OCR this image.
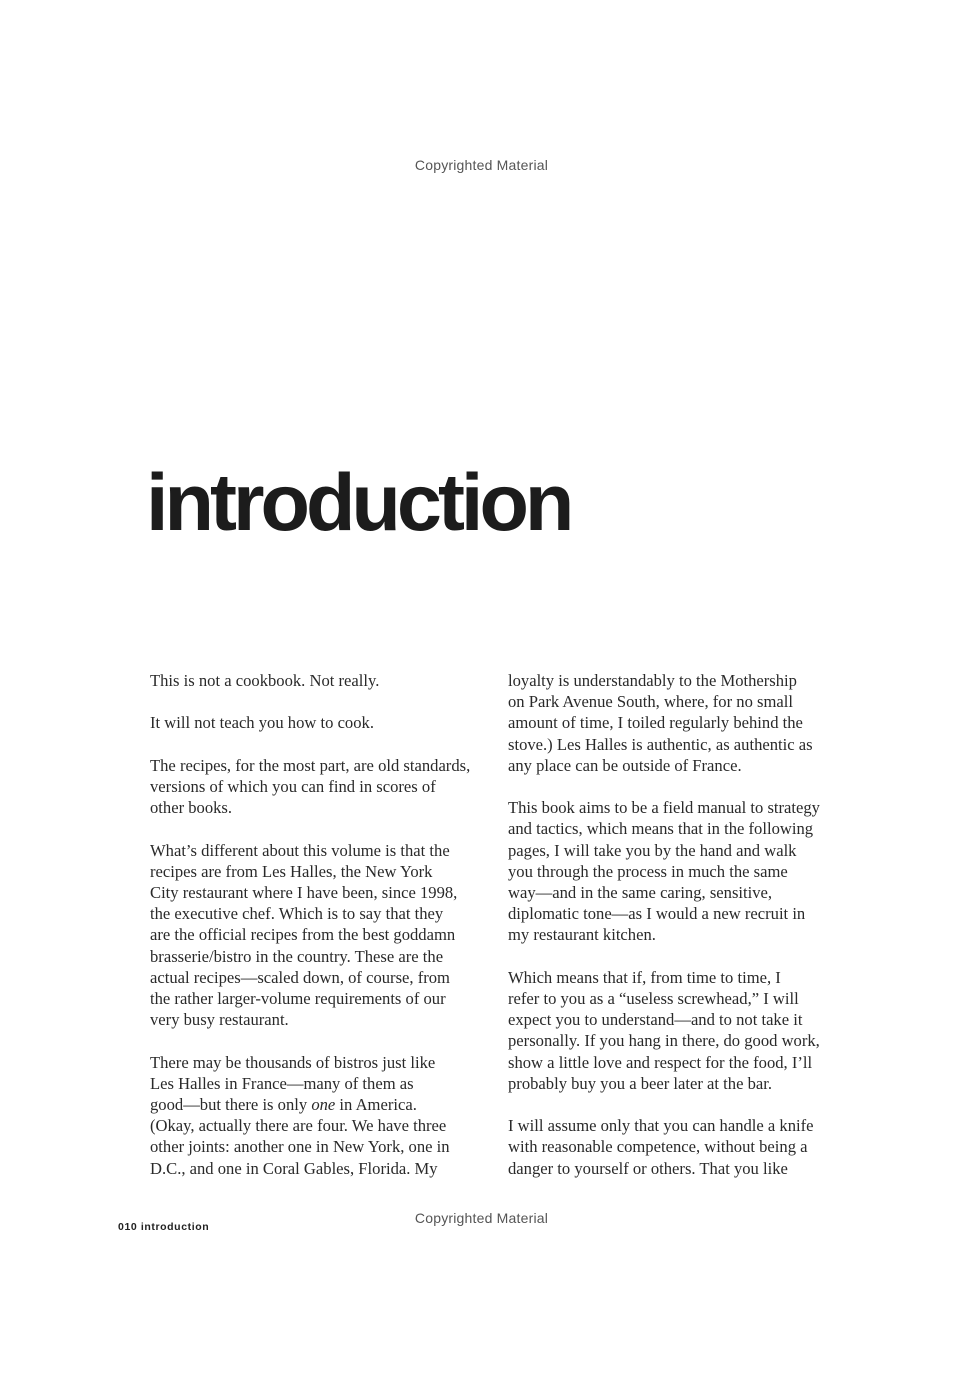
Copyrighted Material
introduction

This is not a cookbook. Not really.

It will not teach you how to cook.

The recipes, for the most part, are old standards,
versions of which you can find in scores of
other books.

What’s different about this volume is that the
recipes are from Les Halles, the New York
City restaurant where I have been, since 1998,
the executive chef. Which is to say that they
are the official recipes from the best goddamn
brasserie/bistro in the country. These are the
actual recipes—scaled down, of course, from
the rather larger-volume requirements of our
very busy restaurant.

There may be thousands of bistros just like
Les Halles in France—many of them as
good—but there is only one in America.
(Okay, actually there are four. We have three
other joints: another one in New York, one in
D.C., and one in Coral Gables, Florida. My

loyalty is understandably to the Mothership
on Park Avenue South, where, for no small
amount of time, I toiled regularly behind the
stove.) Les Halles is authentic, as authentic as
any place can be outside of France.

This book aims to be a field manual to strategy
and tactics, which means that in the following
pages, I will take you by the hand and walk
you through the process in much the same
way—and in the same caring, sensitive,
diplomatic tone—as I would a new recruit in
my restaurant kitchen.

Which means that if, from time to time, I
refer to you as a “useless screwhead,” I will
expect you to understand—and to not take it
personally. If you hang in there, do good work,
show a little love and respect for the food, I’ll
probably buy you a beer later at the bar.

I will assume only that you can handle a knife
with reasonable competence, without being a
danger to yourself or others. That you like

Copyrighted Material
010 introduction
